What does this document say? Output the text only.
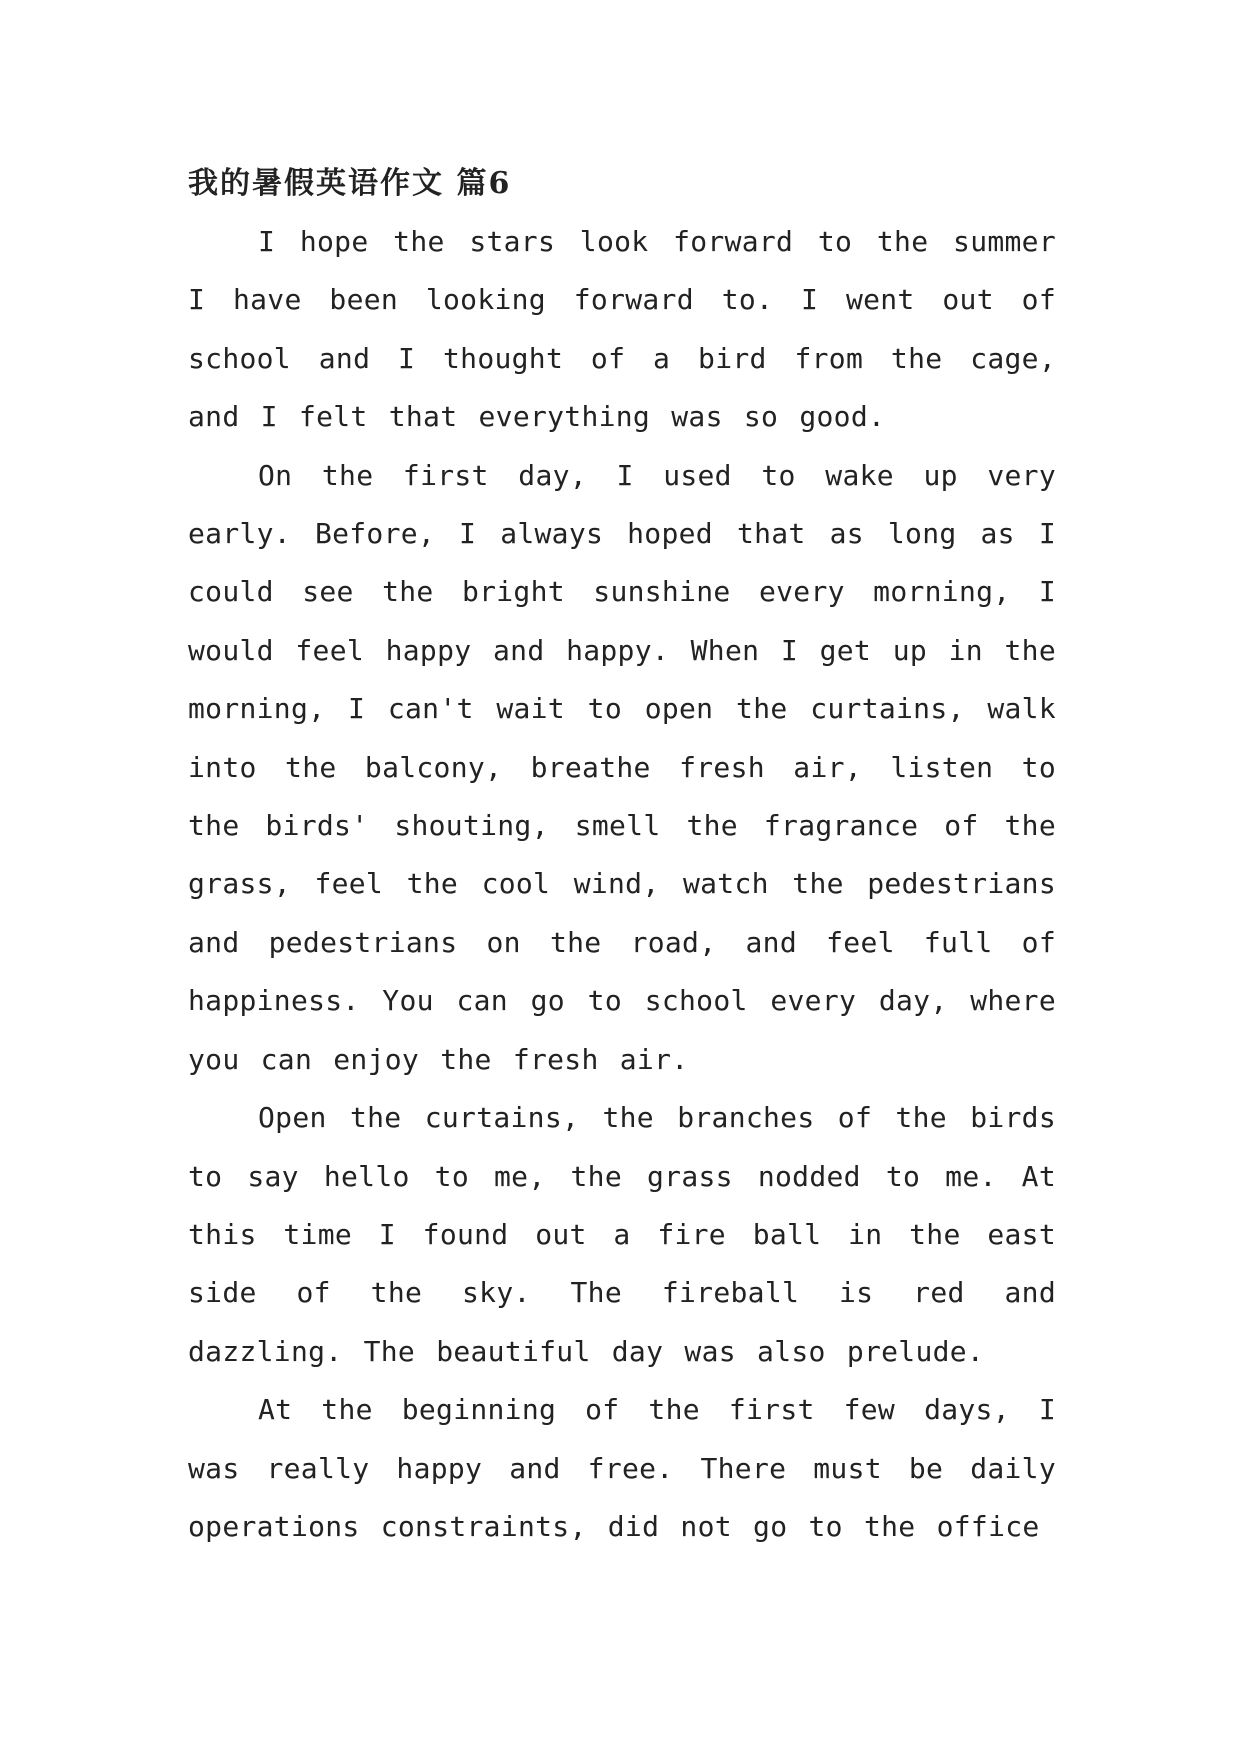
我的暑假英语作文 篇6

I hope the stars look forward to the summer I have been looking forward to. I went out of school and I thought of a bird from the cage, and I felt that everything was so good.

On the first day, I used to wake up very early. Before, I always hoped that as long as I could see the bright sunshine every morning, I would feel happy and happy. When I get up in the morning, I can't wait to open the curtains, walk into the balcony, breathe fresh air, listen to the birds' shouting, smell the fragrance of the grass, feel the cool wind, watch the pedestrians and pedestrians on the road, and feel full of happiness. You can go to school every day, where you can enjoy the fresh air.

Open the curtains, the branches of the birds to say hello to me, the grass nodded to me. At this time I found out a fire ball in the east side of the sky. The fireball is red and dazzling. The beautiful day was also prelude.

At the beginning of the first few days, I was really happy and free. There must be daily operations constraints, did not go to the office
